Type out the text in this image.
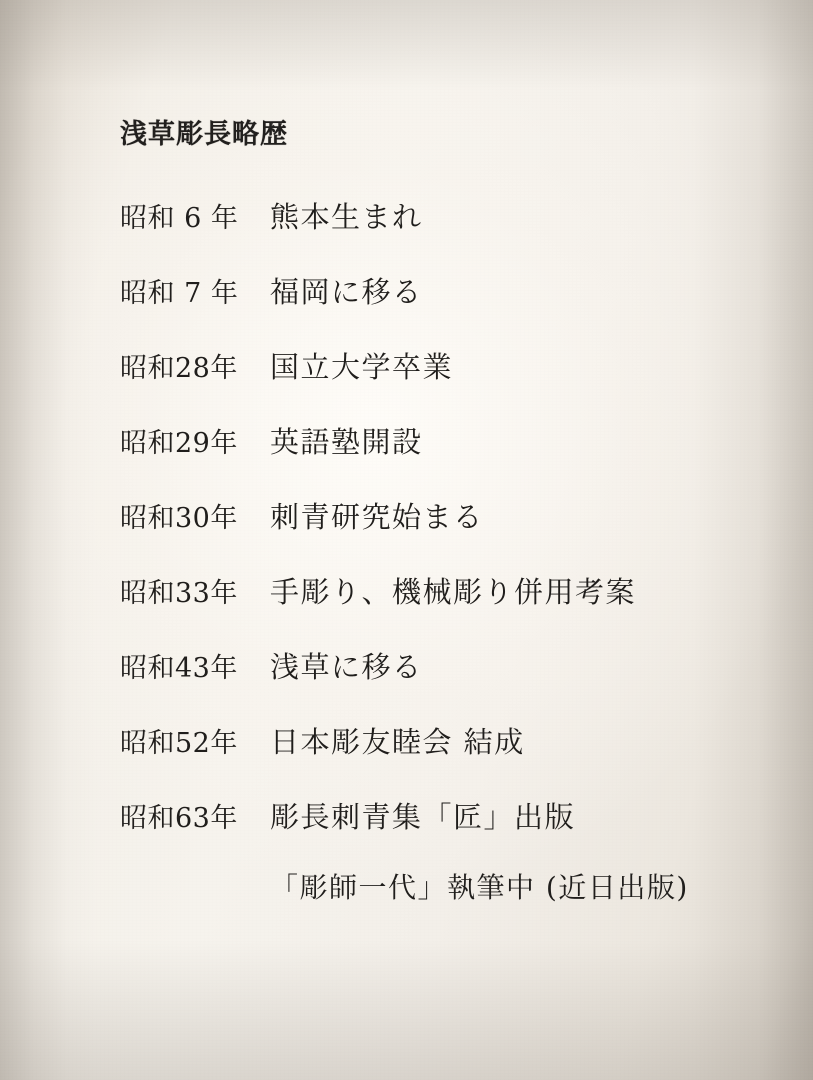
浅草彫長略歴
昭和 6 年	熊本生まれ
昭和 7 年	福岡に移る
昭和28年	国立大学卒業
昭和29年	英語塾開設
昭和30年	刺青研究始まる
昭和33年	手彫り、機械彫り併用考案
昭和43年	浅草に移る
昭和52年	日本彫友睦会 結成
昭和63年	彫長刺青集「匠」出版
「彫師一代」執筆中 (近日出版)
